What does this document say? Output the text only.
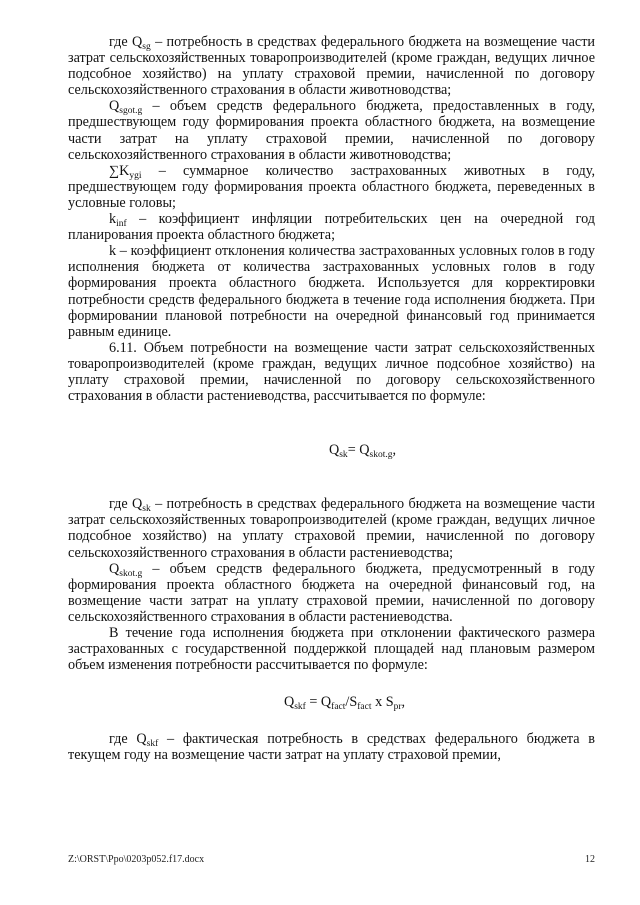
где $Q_{sg}$ – потребность в средствах федерального бюджета на возмещение части затрат сельскохозяйственных товаропроизводителей (кроме граждан, ведущих личное подсобное хозяйство) на уплату страховой премии, начисленной по договору сельскохозяйственного страхования в области животноводства;

$Q_{sgot.g}$ – объем средств федерального бюджета, предоставленных в году, предшествующем году формирования проекта областного бюджета, на возмещение части затрат на уплату страховой премии, начисленной по договору сельскохозяйственного страхования в области животноводства;

$\sum K_{ygi}$ – суммарное количество застрахованных животных в году, предшествующем году формирования проекта областного бюджета, переведенных в условные головы;

$k_{inf}$ – коэффициент инфляции потребительских цен на очередной год планирования проекта областного бюджета;

k – коэффициент отклонения количества застрахованных условных голов в году исполнения бюджета от количества застрахованных условных голов в году формирования проекта областного бюджета. Используется для корректировки потребности средств федерального бюджета в течение года исполнения бюджета. При формировании плановой потребности на очередной финансовый год принимается равным единице.

6.11. Объем потребности на возмещение части затрат сельскохозяйственных товаропроизводителей (кроме граждан, ведущих личное подсобное хозяйство) на уплату страховой премии, начисленной по договору сельскохозяйственного страхования в области растениеводства, рассчитывается по формуле:

$Q_{sk}= Q_{skot.g}$,

где $Q_{sk}$ – потребность в средствах федерального бюджета на возмещение части затрат сельскохозяйственных товаропроизводителей (кроме граждан, ведущих личное подсобное хозяйство) на уплату страховой премии, начисленной по договору сельскохозяйственного страхования в области растениеводства;

$Q_{skot.g}$ – объем средств федерального бюджета, предусмотренный в году формирования проекта областного бюджета на очередной финансовый год, на возмещение части затрат на уплату страховой премии, начисленной по договору сельскохозяйственного страхования в области растениеводства.

В течение года исполнения бюджета при отклонении фактического размера застрахованных с государственной поддержкой площадей над плановым размером объем изменения потребности рассчитывается по формуле:

$Q_{skf} = Q_{fact}/S_{fact}$ x $S_{pr}$,

где $Q_{skf}$ – фактическая потребность в средствах федерального бюджета в текущем году на возмещение части затрат на уплату страховой премии,

Z:\ORST\Ppo\0203p052.f17.docx	12
